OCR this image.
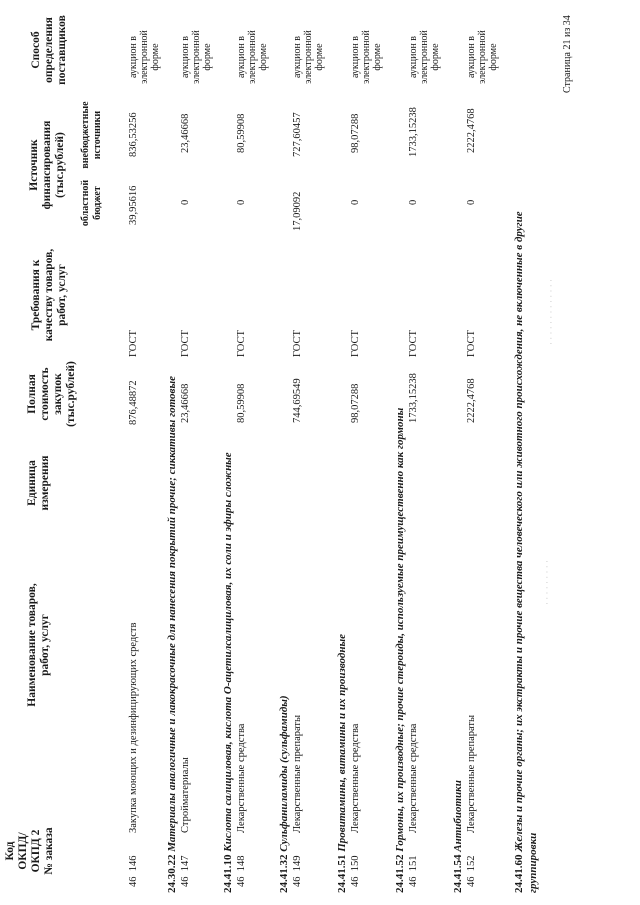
Код ОКПД/ ОКПД 2 № заказа
Наименование товаров, работ, услуг
Единица измерения
Полная стоимость закупок (тыс.рублей)
Требования к качеству товаров, работ, услуг
Источник финансирования (тыс.рублей)
областной бюджет
внебюджетные источники
Способ определения поставщиков
46  146
Закупка моющих и дезинфицирующих средств
876,48872
ГОСТ
39,95616
836,53256
аукцион в электронной форме
24.30.22 Материалы аналогичные и лакокрасочные для нанесения покрытий прочие; сиккативы готовые
46  147
Стройматериалы
23,46668
ГОСТ
0
23,46668
аукцион в электронной форме
24.41.10 Кислота салициловая, кислота О-ацетилсалициловая, их соли и эфиры сложные
46  148
Лекарственные средства
80,59908
ГОСТ
0
80,59908
аукцион в электронной форме
24.41.32 Сульфаниламиды (сульфамиды)
46  149
Лекарственные препараты
744,69549
ГОСТ
17,09092
727,60457
аукцион в электронной форме
24.41.51 Провитамины, витамины и их производные
46  150
Лекарственные средства
98,07288
ГОСТ
0
98,07288
аукцион в электронной форме
24.41.52 Гормоны, их производные; прочие стероиды, используемые преимущественно как гормоны
46  151
Лекарственные средства
1733,15238
ГОСТ
0
1733,15238
аукцион в электронной форме
24.41.54 Антибиотики
46  152
Лекарственные препараты
2222,4768
ГОСТ
0
2222,4768
аукцион в электронной форме
24.41.60 Железы и прочие органы; их экстракты и прочие вещества человеческого или животного происхождения, не включенные в другие группировки
· · · · · · · · ·
· · · · · · · · · · · · ·
Страница 21 из 34
